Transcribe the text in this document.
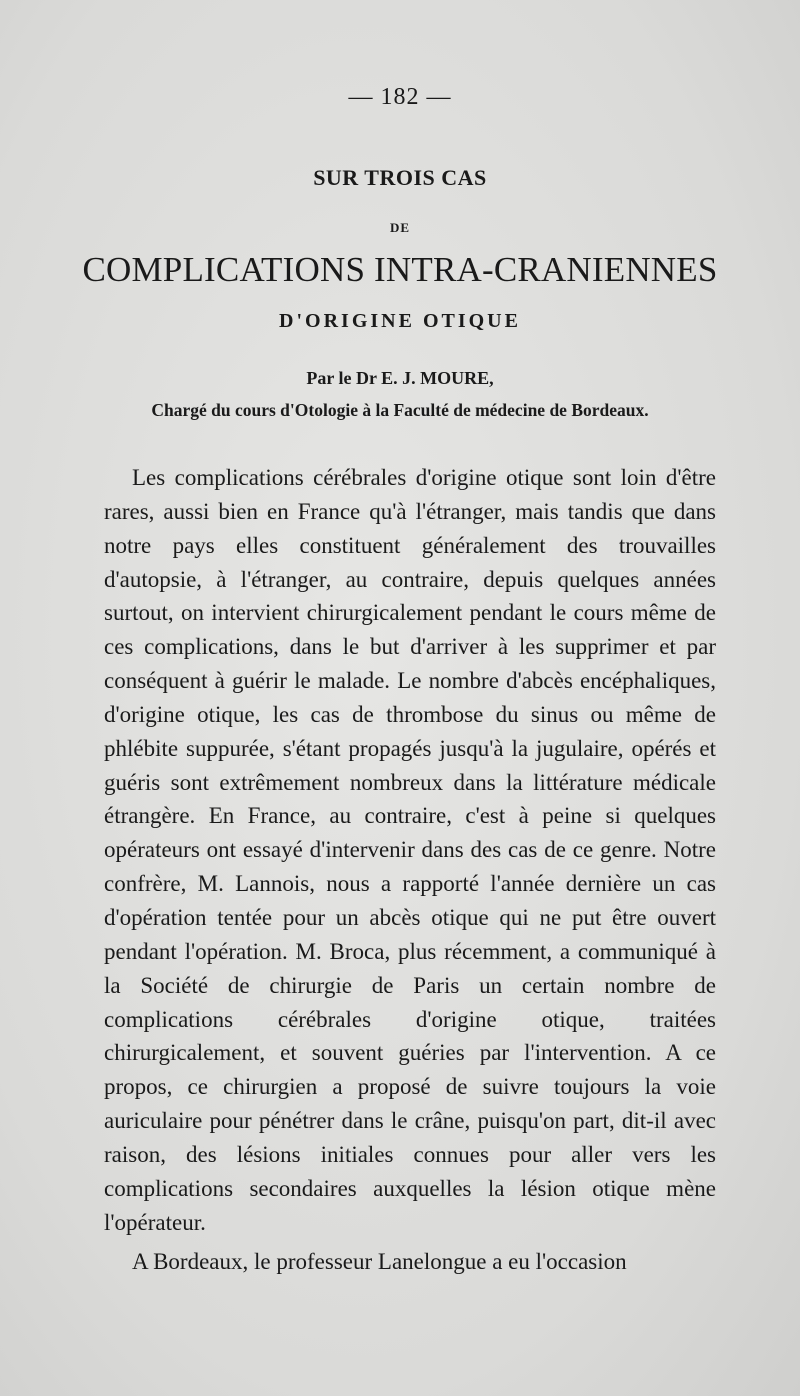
— 182 —
SUR TROIS CAS
DE
COMPLICATIONS INTRA-CRANIENNES
D'ORIGINE OTIQUE
Par le Dr E. J. MOURE,
Chargé du cours d'Otologie à la Faculté de médecine de Bordeaux.

Les complications cérébrales d'origine otique sont loin d'être rares, aussi bien en France qu'à l'étranger, mais tandis que dans notre pays elles constituent généralement des trouvailles d'autopsie, à l'étranger, au contraire, depuis quelques années surtout, on intervient chirurgicalement pendant le cours même de ces complications, dans le but d'arriver à les supprimer et par conséquent à guérir le malade. Le nombre d'abcès encéphaliques, d'origine otique, les cas de thrombose du sinus ou même de phlébite suppurée, s'étant propagés jusqu'à la jugulaire, opérés et guéris sont extrêmement nombreux dans la littérature médicale étrangère. En France, au contraire, c'est à peine si quelques opérateurs ont essayé d'intervenir dans des cas de ce genre. Notre confrère, M. Lannois, nous a rapporté l'année dernière un cas d'opération tentée pour un abcès otique qui ne put être ouvert pendant l'opération. M. Broca, plus récemment, a communiqué à la Société de chirurgie de Paris un certain nombre de complications cérébrales d'origine otique, traitées chirurgicalement, et souvent guéries par l'intervention. A ce propos, ce chirurgien a proposé de suivre toujours la voie auriculaire pour pénétrer dans le crâne, puisqu'on part, dit-il avec raison, des lésions initiales connues pour aller vers les complications secondaires auxquelles la lésion otique mène l'opérateur.

A Bordeaux, le professeur Lanelongue a eu l'occasion
